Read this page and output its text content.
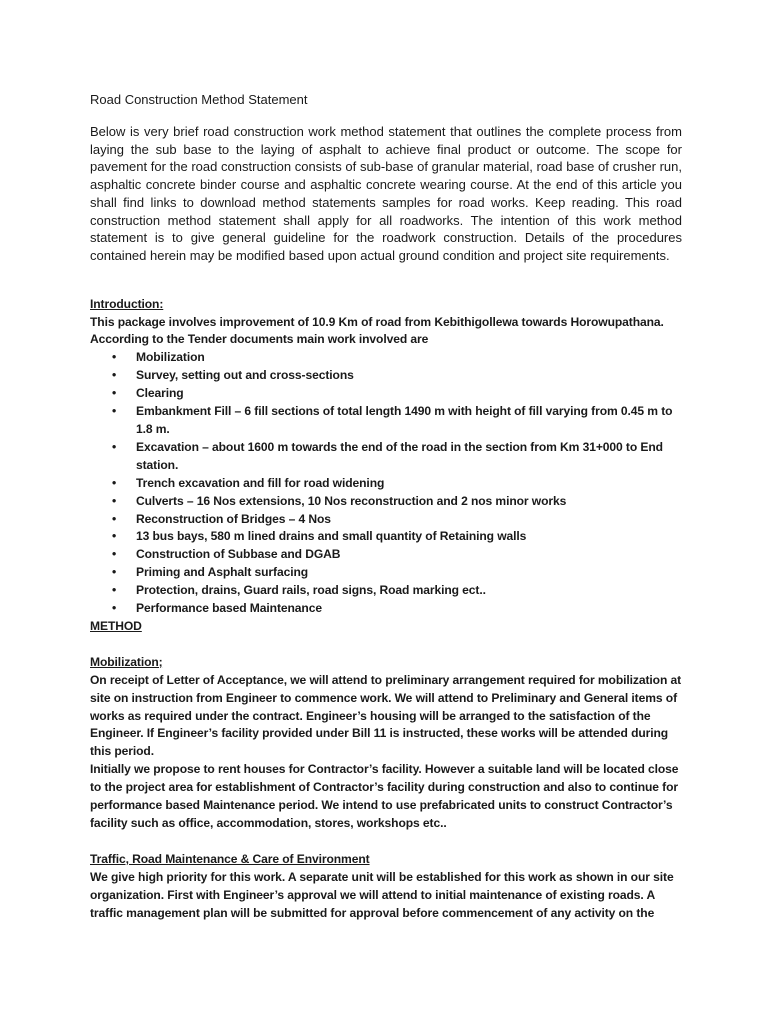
Road Construction Method Statement

Below is very brief road construction work method statement that outlines the complete process from laying the sub base to the laying of asphalt to achieve final product or outcome. The scope for pavement for the road construction consists of sub-base of granular material, road base of crusher run, asphaltic concrete binder course and asphaltic concrete wearing course. At the end of this article you shall find links to download method statements samples for road works. Keep reading. This road construction method statement shall apply for all roadworks. The intention of this work method statement is to give general guideline for the roadwork construction. Details of the procedures contained herein may be modified based upon actual ground condition and project site requirements.

Introduction:

This package involves improvement of 10.9 Km of road from Kebithigollewa towards Horowupathana.

According to the Tender documents main work involved are

• Mobilization
• Survey, setting out and cross-sections
• Clearing
• Embankment Fill – 6 fill sections of total length 1490 m with height of fill varying from 0.45 m to 1.8 m.
• Excavation – about 1600 m towards the end of the road in the section from Km 31+000 to End station.
• Trench excavation and fill for road widening
• Culverts – 16 Nos extensions, 10 Nos reconstruction and 2 nos minor works
• Reconstruction of Bridges – 4 Nos
• 13 bus bays, 580 m lined drains and small quantity of Retaining walls
• Construction of Subbase and DGAB
• Priming and Asphalt surfacing
• Protection, drains, Guard rails, road signs, Road marking ect..
• Performance based Maintenance

METHOD

Mobilization;

On receipt of Letter of Acceptance, we will attend to preliminary arrangement required for mobilization at site on instruction from Engineer to commence work. We will attend to Preliminary and General items of works as required under the contract. Engineer’s housing will be arranged to the satisfaction of the Engineer. If Engineer’s facility provided under Bill 11 is instructed, these works will be attended during this period.

Initially we propose to rent houses for Contractor’s facility. However a suitable land will be located close to the project area for establishment of Contractor’s facility during construction and also to continue for performance based Maintenance period. We intend to use prefabricated units to construct Contractor’s facility such as office, accommodation, stores, workshops etc..

Traffic, Road Maintenance & Care of Environment

We give high priority for this work. A separate unit will be established for this work as shown in our site organization. First with Engineer’s approval we will attend to initial maintenance of existing roads. A traffic management plan will be submitted for approval before commencement of any activity on the
